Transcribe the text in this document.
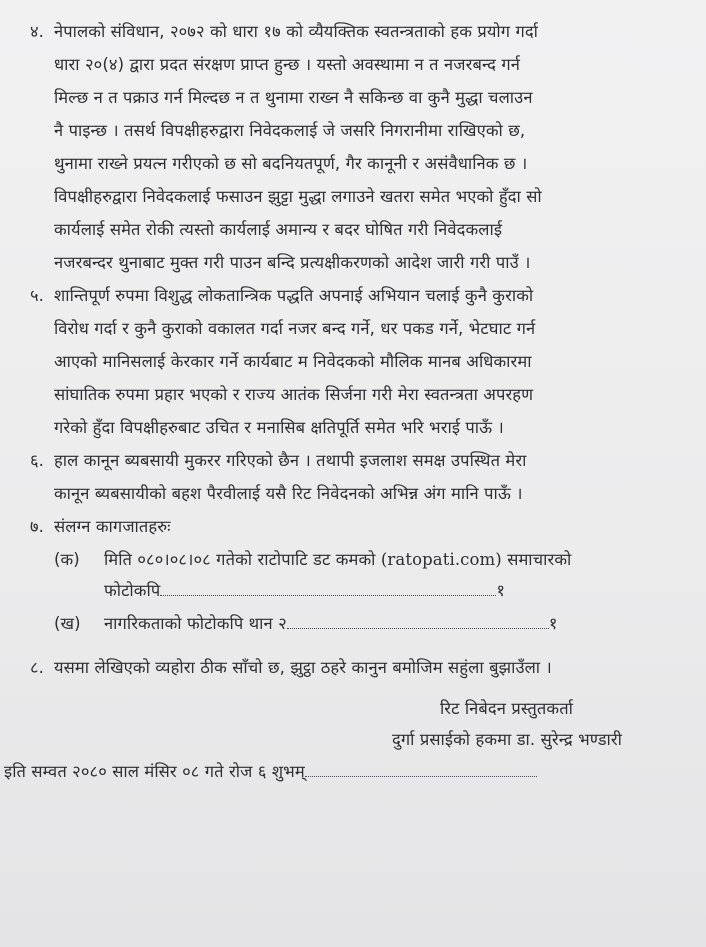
४. नेपालको संविधान, २०७२ को धारा १७ को व्यैयक्तिक स्वतन्त्रताको हक प्रयोग गर्दा
धारा २०(४) द्वारा प्रदत संरक्षण प्राप्त हुन्छ । यस्तो अवस्थामा न त नजरबन्द गर्न
मिल्छ न त पक्राउ गर्न मिल्दछ न त थुनामा राख्न नै सकिन्छ वा कुनै मुद्धा चलाउन
नै पाइन्छ । तसर्थ विपक्षीहरुद्वारा निवेदकलाई जे जसरि निगरानीमा राखिएको छ,
थुनामा राख्ने प्रयत्न गरीएको छ सो बदनियतपूर्ण, गैर कानूनी र असंवैधानिक छ ।
विपक्षीहरुद्वारा निवेदकलाई फसाउन झुट्टा मुद्धा लगाउने खतरा समेत भएको हुँदा सो
कार्यलाई समेत रोकी त्यस्तो कार्यलाई अमान्य र बदर घोषित गरी निवेदकलाई
नजरबन्दर थुनाबाट मुक्त गरी पाउन बन्दि प्रत्यक्षीकरणको आदेश जारी गरी पाउँ ।
५. शान्तिपूर्ण रुपमा विशुद्ध लोकतान्त्रिक पद्धति अपनाई अभियान चलाई कुनै कुराको
विरोध गर्दा र कुनै कुराको वकालत गर्दा नजर बन्द गर्ने, धर पकड गर्ने, भेटघाट गर्न
आएको मानिसलाई केरकार गर्ने कार्यबाट म निवेदकको मौलिक मानब अधिकारमा
सांघातिक रुपमा प्रहार भएको र राज्य आतंक सिर्जना गरी मेरा स्वतन्त्रता अपरहण
गरेको हुँदा विपक्षीहरुबाट उचित र मनासिब क्षतिपूर्ति समेत भरि भराई पाऊँ ।
६. हाल कानून ब्यबसायी मुकरर गरिएको छैन । तथापी इजलाश समक्ष उपस्थित मेरा
कानून ब्यबसायीको बहश पैरवीलाई यसै रिट निवेदनको अभिन्न अंग मानि पाऊँ ।
७. संलग्न कागजातहरुः
(क) मिति ०८०।०८।०८ गतेको राटोपाटि डट कमको (ratopati.com) समाचारको
फोटोकपि	१
(ख) नागरिकताको फोटोकपि थान २	१
८. यसमा लेखिएको व्यहोरा ठीक साँचो छ, झुट्ठा ठहरे कानुन बमोजिम सहुंला बुझाउँला ।
रिट निबेदन प्रस्तुतकर्ता
दुर्गा प्रसाईको हकमा डा. सुरेन्द्र भण्डारी
इति सम्वत २०८० साल मंसिर ०८ गते रोज ६ शुभम्
